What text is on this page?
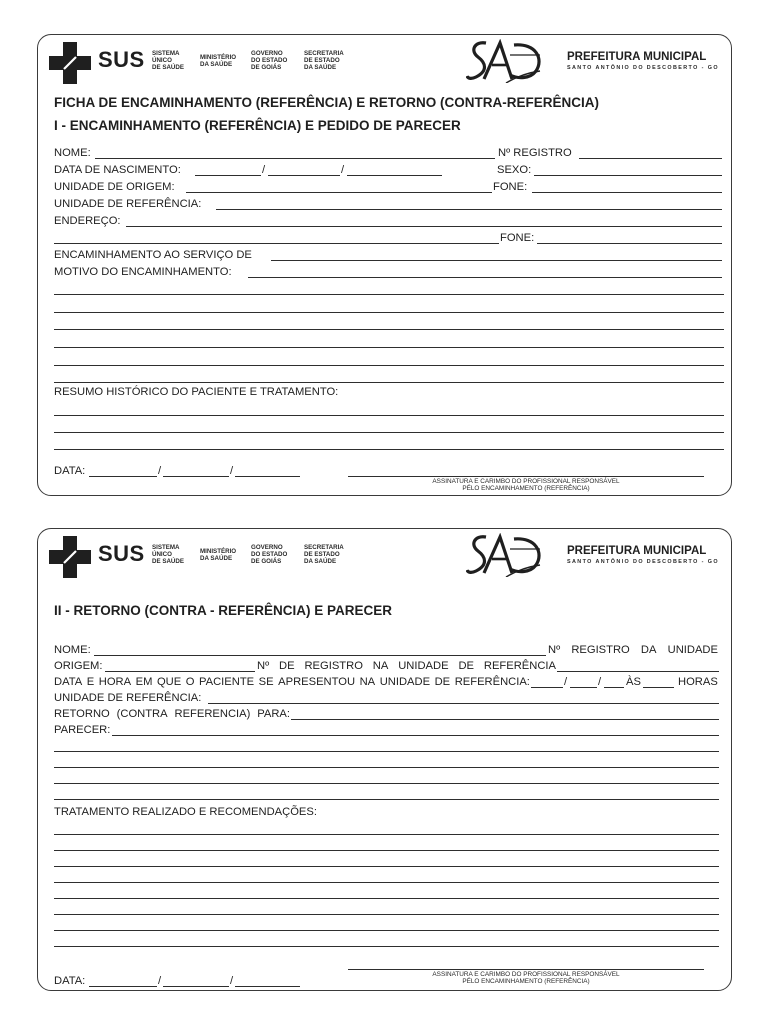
SUS SISTEMA
ÚNICO
DE SAÚDE
MINISTÉRIO
DA SAÚDE
GOVERNO
DO ESTADO
DE GOIÁS
SECRETARIA
DE ESTADO
DA SAÚDE
PREFEITURA MUNICIPAL
SANTO ANTÔNIO DO DESCOBERTO - GO
FICHA DE ENCAMINHAMENTO (REFERÊNCIA) E RETORNO (CONTRA-REFERÊNCIA)
I - ENCAMINHAMENTO (REFERÊNCIA) E PEDIDO DE PARECER
NOME:	Nº REGISTRO
DATA DE NASCIMENTO:	/	/	SEXO:
UNIDADE DE ORIGEM:	FONE:
UNIDADE DE REFERÊNCIA:
ENDEREÇO:
FONE:
ENCAMINHAMENTO AO SERVIÇO DE
MOTIVO DO ENCAMINHAMENTO:
RESUMO HISTÓRICO DO PACIENTE E TRATAMENTO:
DATA:	/	/
ASSINATURA E CARIMBO DO PROFISSIONAL RESPONSÁVEL
PÉLO ENCAMINHAMENTO (REFERÊNCIA)
SUS SISTEMA
ÚNICO
DE SAÚDE
MINISTÉRIO
DA SAÚDE
GOVERNO
DO ESTADO
DE GOIÁS
SECRETARIA
DE ESTADO
DA SAÚDE
PREFEITURA MUNICIPAL
SANTO ANTÔNIO DO DESCOBERTO - GO
II - RETORNO (CONTRA - REFERÊNCIA) E PARECER
NOME:	Nº REGISTRO DA UNIDADE
ORIGEM:	Nº DE REGISTRO NA UNIDADE DE REFERÊNCIA
DATA E HORA EM QUE O PACIENTE SE APRESENTOU NA UNIDADE DE REFERÊNCIA:	/	/ ÀS	HORAS
UNIDADE DE REFERÊNCIA:
RETORNO (CONTRA REFERENCIA) PARA:
PARECER:
TRATAMENTO REALIZADO E RECOMENDAÇÕES:
ASSINATURA E CARIMBO DO PROFISSIONAL RESPONSÁVEL
PÉLO ENCAMINHAMENTO (REFERÊNCIA)
DATA:	/	/
